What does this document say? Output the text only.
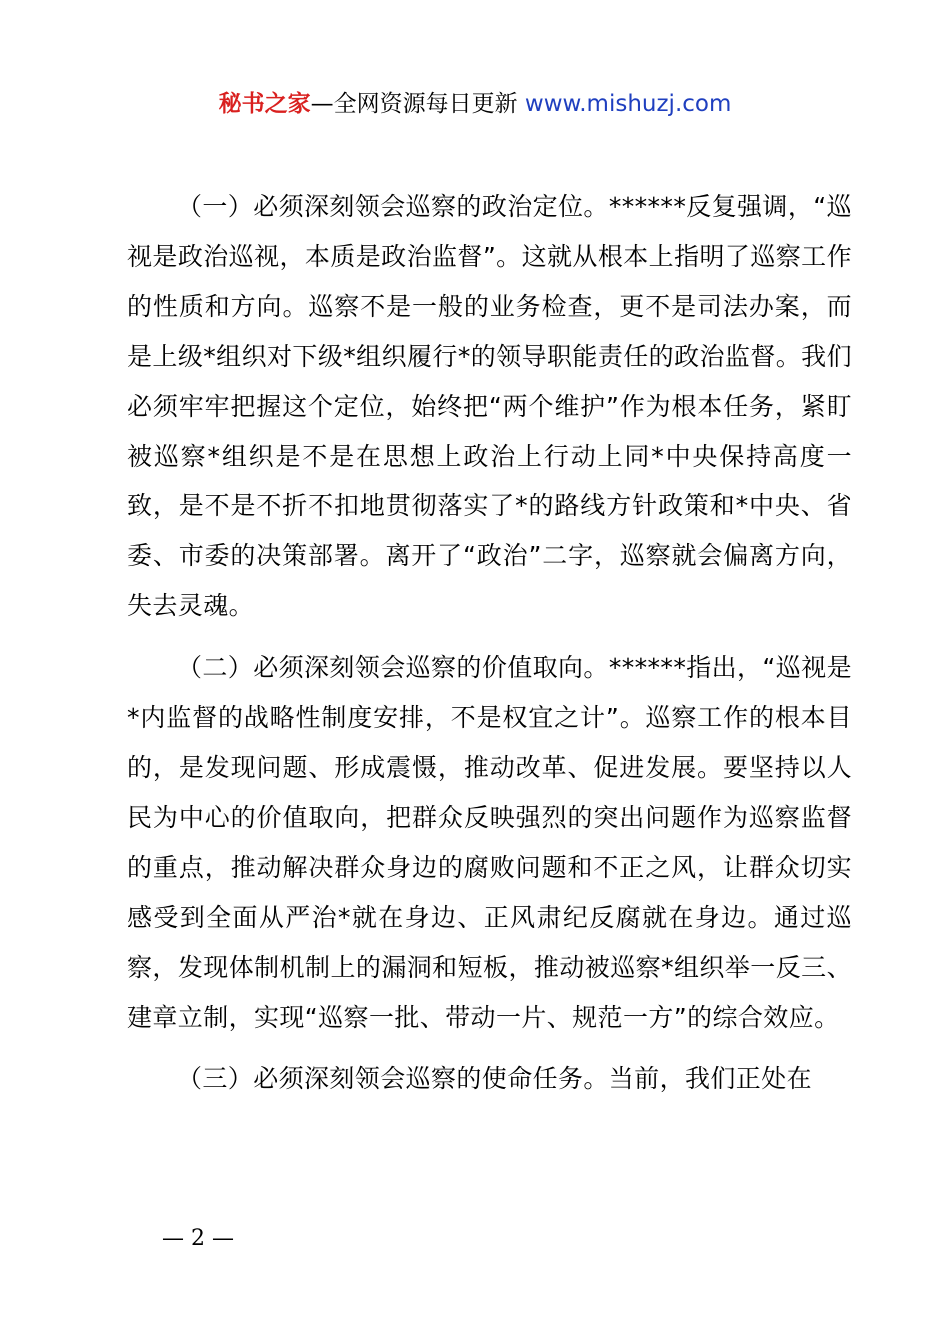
秘书之家—全网资源每日更新 www.mishuzj.com

（一）必须深刻领会巡察的政治定位。******反复强调，“巡视是政治巡视，本质是政治监督”。这就从根本上指明了巡察工作的性质和方向。巡察不是一般的业务检查，更不是司法办案，而是上级*组织对下级*组织履行*的领导职能责任的政治监督。我们必须牢牢把握这个定位，始终把“两个维护”作为根本任务，紧盯被巡察*组织是不是在思想上政治上行动上同*中央保持高度一致，是不是不折不扣地贯彻落实了*的路线方针政策和*中央、省委、市委的决策部署。离开了“政治”二字，巡察就会偏离方向，失去灵魂。

（二）必须深刻领会巡察的价值取向。******指出，“巡视是*内监督的战略性制度安排，不是权宜之计”。巡察工作的根本目的，是发现问题、形成震慑，推动改革、促进发展。要坚持以人民为中心的价值取向，把群众反映强烈的突出问题作为巡察监督的重点，推动解决群众身边的腐败问题和不正之风，让群众切实感受到全面从严治*就在身边、正风肃纪反腐就在身边。通过巡察，发现体制机制上的漏洞和短板，推动被巡察*组织举一反三、建章立制，实现“巡察一批、带动一片、规范一方”的综合效应。

（三）必须深刻领会巡察的使命任务。当前，我们正处在

— 2 —
